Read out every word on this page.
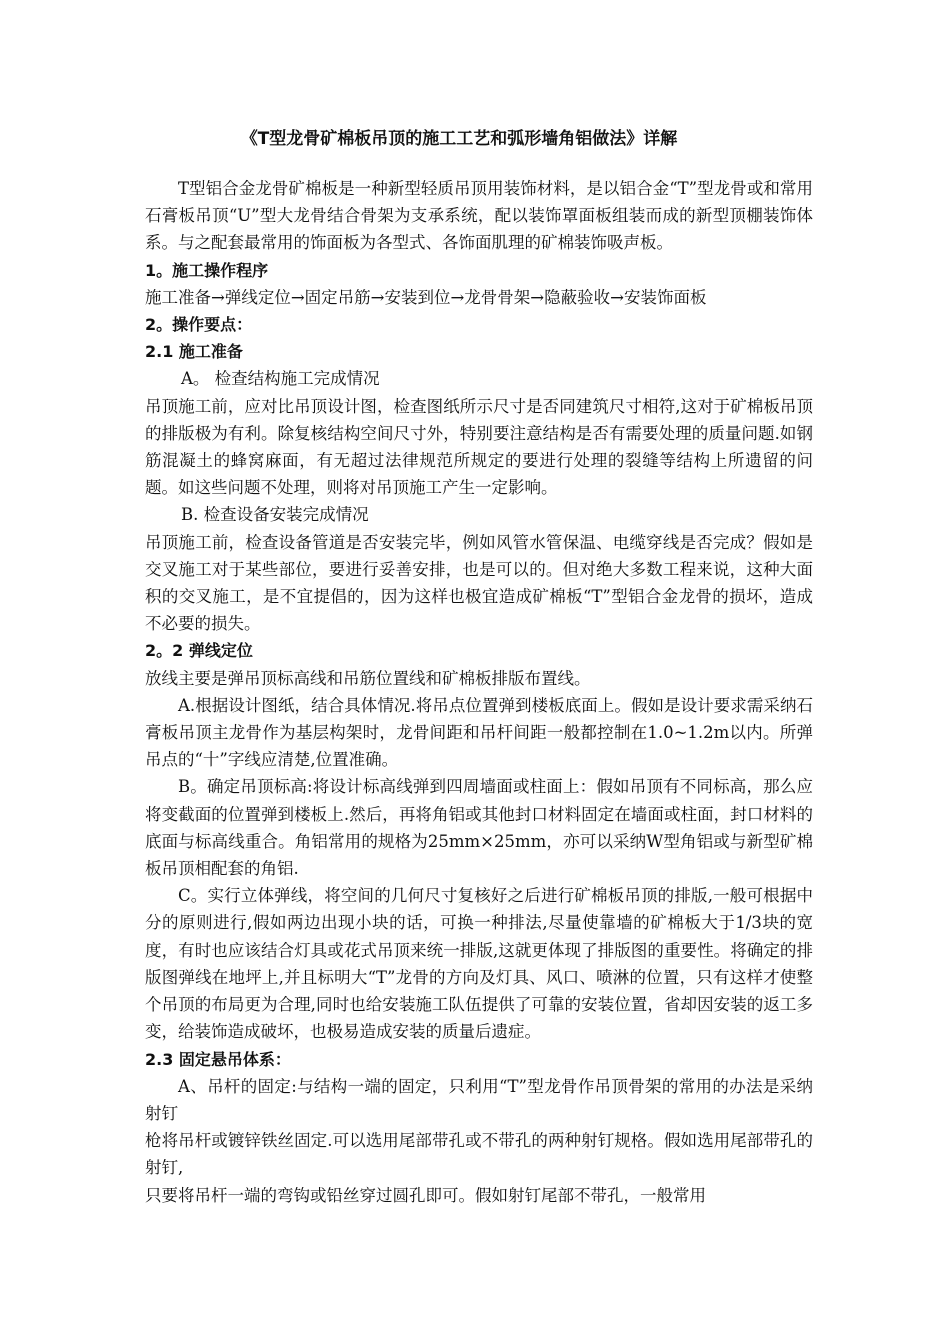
《T型龙骨矿棉板吊顶的施工工艺和弧形墙角铝做法》详解

T型铝合金龙骨矿棉板是一种新型轻质吊顶用装饰材料，是以铝合金“T”型龙骨或和常用石膏板吊顶“U”型大龙骨结合骨架为支承系统，配以装饰罩面板组装而成的新型顶棚装饰体系。与之配套最常用的饰面板为各型式、各饰面肌理的矿棉装饰吸声板。

1。施工操作程序

施工准备→弹线定位→固定吊筋→安装到位→龙骨骨架→隐蔽验收→安装饰面板

2。操作要点：

2.1 施工准备

A。 检查结构施工完成情况

吊顶施工前，应对比吊顶设计图，检查图纸所示尺寸是否同建筑尺寸相符,这对于矿棉板吊顶的排版极为有利。除复核结构空间尺寸外，特别要注意结构是否有需要处理的质量问题.如钢筋混凝土的蜂窝麻面，有无超过法律规范所规定的要进行处理的裂缝等结构上所遗留的问题。如这些问题不处理，则将对吊顶施工产生一定影响。

B. 检查设备安装完成情况

吊顶施工前，检查设备管道是否安装完毕，例如风管水管保温、电缆穿线是否完成？假如是交叉施工对于某些部位，要进行妥善安排，也是可以的。但对绝大多数工程来说，这种大面积的交叉施工，是不宜提倡的，因为这样也极宜造成矿棉板“T”型铝合金龙骨的损坏，造成不必要的损失。

2。2 弹线定位

放线主要是弹吊顶标高线和吊筋位置线和矿棉板排版布置线。

A.根据设计图纸，结合具体情况.将吊点位置弹到楼板底面上。假如是设计要求需采纳石膏板吊顶主龙骨作为基层构架时，龙骨间距和吊杆间距一般都控制在1.0~1.2m以内。所弹吊点的“十”字线应清楚,位置准确。

B。确定吊顶标高:将设计标高线弹到四周墙面或柱面上：假如吊顶有不同标高，那么应将变截面的位置弹到楼板上.然后，再将角铝或其他封口材料固定在墙面或柱面，封口材料的底面与标高线重合。角铝常用的规格为25mm×25mm，亦可以采纳W型角铝或与新型矿棉板吊顶相配套的角铝.

C。实行立体弹线，将空间的几何尺寸复核好之后进行矿棉板吊顶的排版,一般可根据中分的原则进行,假如两边出现小块的话，可换一种排法,尽量使靠墙的矿棉板大于1/3块的宽度，有时也应该结合灯具或花式吊顶来统一排版,这就更体现了排版图的重要性。将确定的排版图弹线在地坪上,并且标明大“T”龙骨的方向及灯具、风口、喷淋的位置，只有这样才使整个吊顶的布局更为合理,同时也给安装施工队伍提供了可靠的安装位置，省却因安装的返工多变，给装饰造成破坏，也极易造成安装的质量后遗症。

2.3 固定悬吊体系：

A、吊杆的固定:与结构一端的固定，只利用“T”型龙骨作吊顶骨架的常用的办法是采纳射钉

枪将吊杆或镀锌铁丝固定.可以选用尾部带孔或不带孔的两种射钉规格。假如选用尾部带孔的射钉,

只要将吊杆一端的弯钩或铅丝穿过圆孔即可。假如射钉尾部不带孔，一般常用
